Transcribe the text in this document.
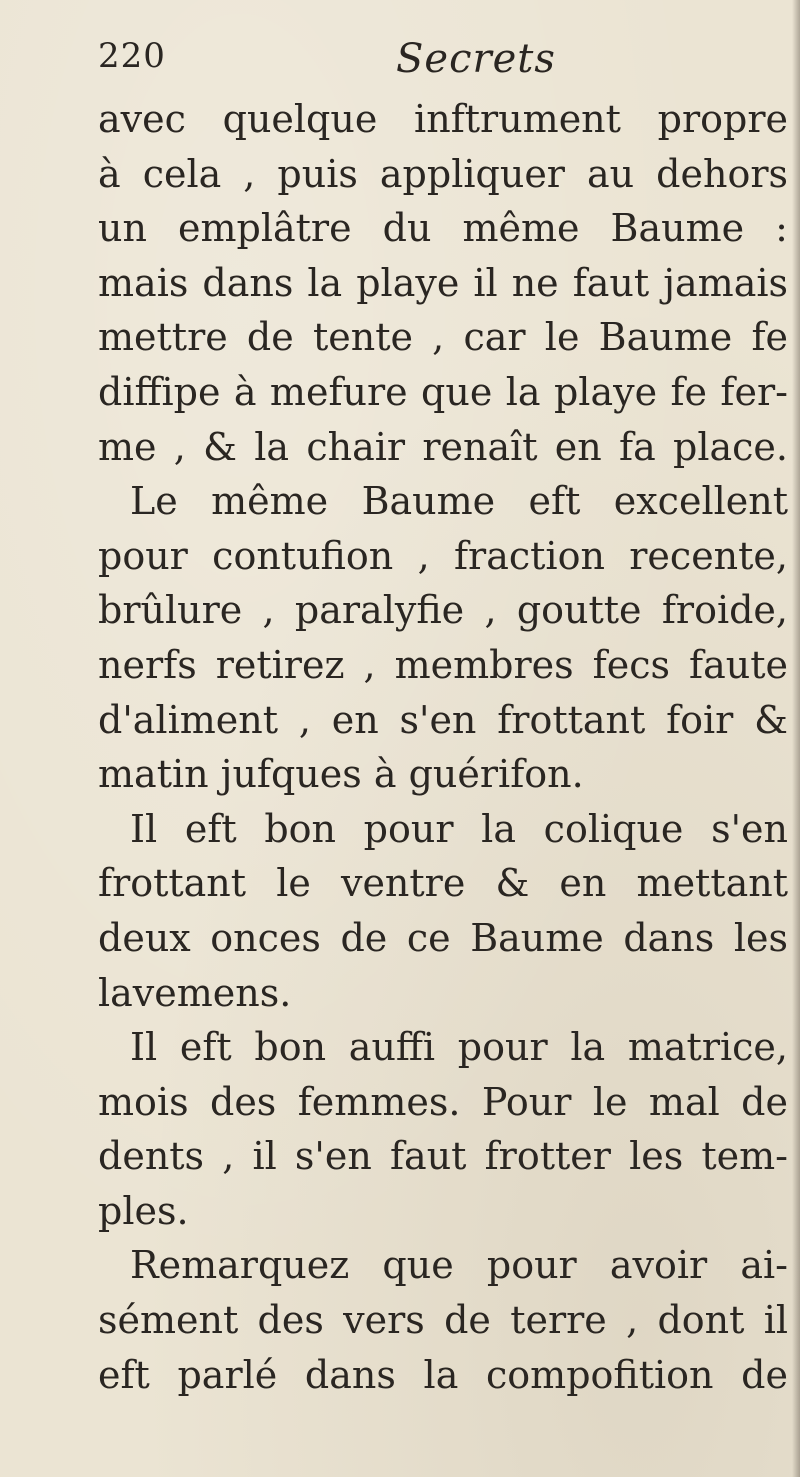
220	Secrets
avec quelque inftrument propre
à cela , puis appliquer au dehors
un emplâtre du même Baume :
mais dans la playe il ne faut jamais
mettre de tente , car le Baume fe
diffipe à mefure que la playe fe fer-
me , & la chair renaît en fa place.
Le même Baume eft excellent
pour contufion , fraction recente,
brûlure , paralyfie , goutte froide,
nerfs retirez , membres fecs faute
d'aliment , en s'en frottant foir &
matin jufques à guérifon.
Il eft bon pour la colique s'en
frottant le ventre & en mettant
deux onces de ce Baume dans les
lavemens.
Il eft bon auffi pour la matrice,
mois des femmes. Pour le mal de
dents , il s'en faut frotter les tem-
ples.
Remarquez que pour avoir ai-
sément des vers de terre , dont il
eft parlé dans la compofition de
